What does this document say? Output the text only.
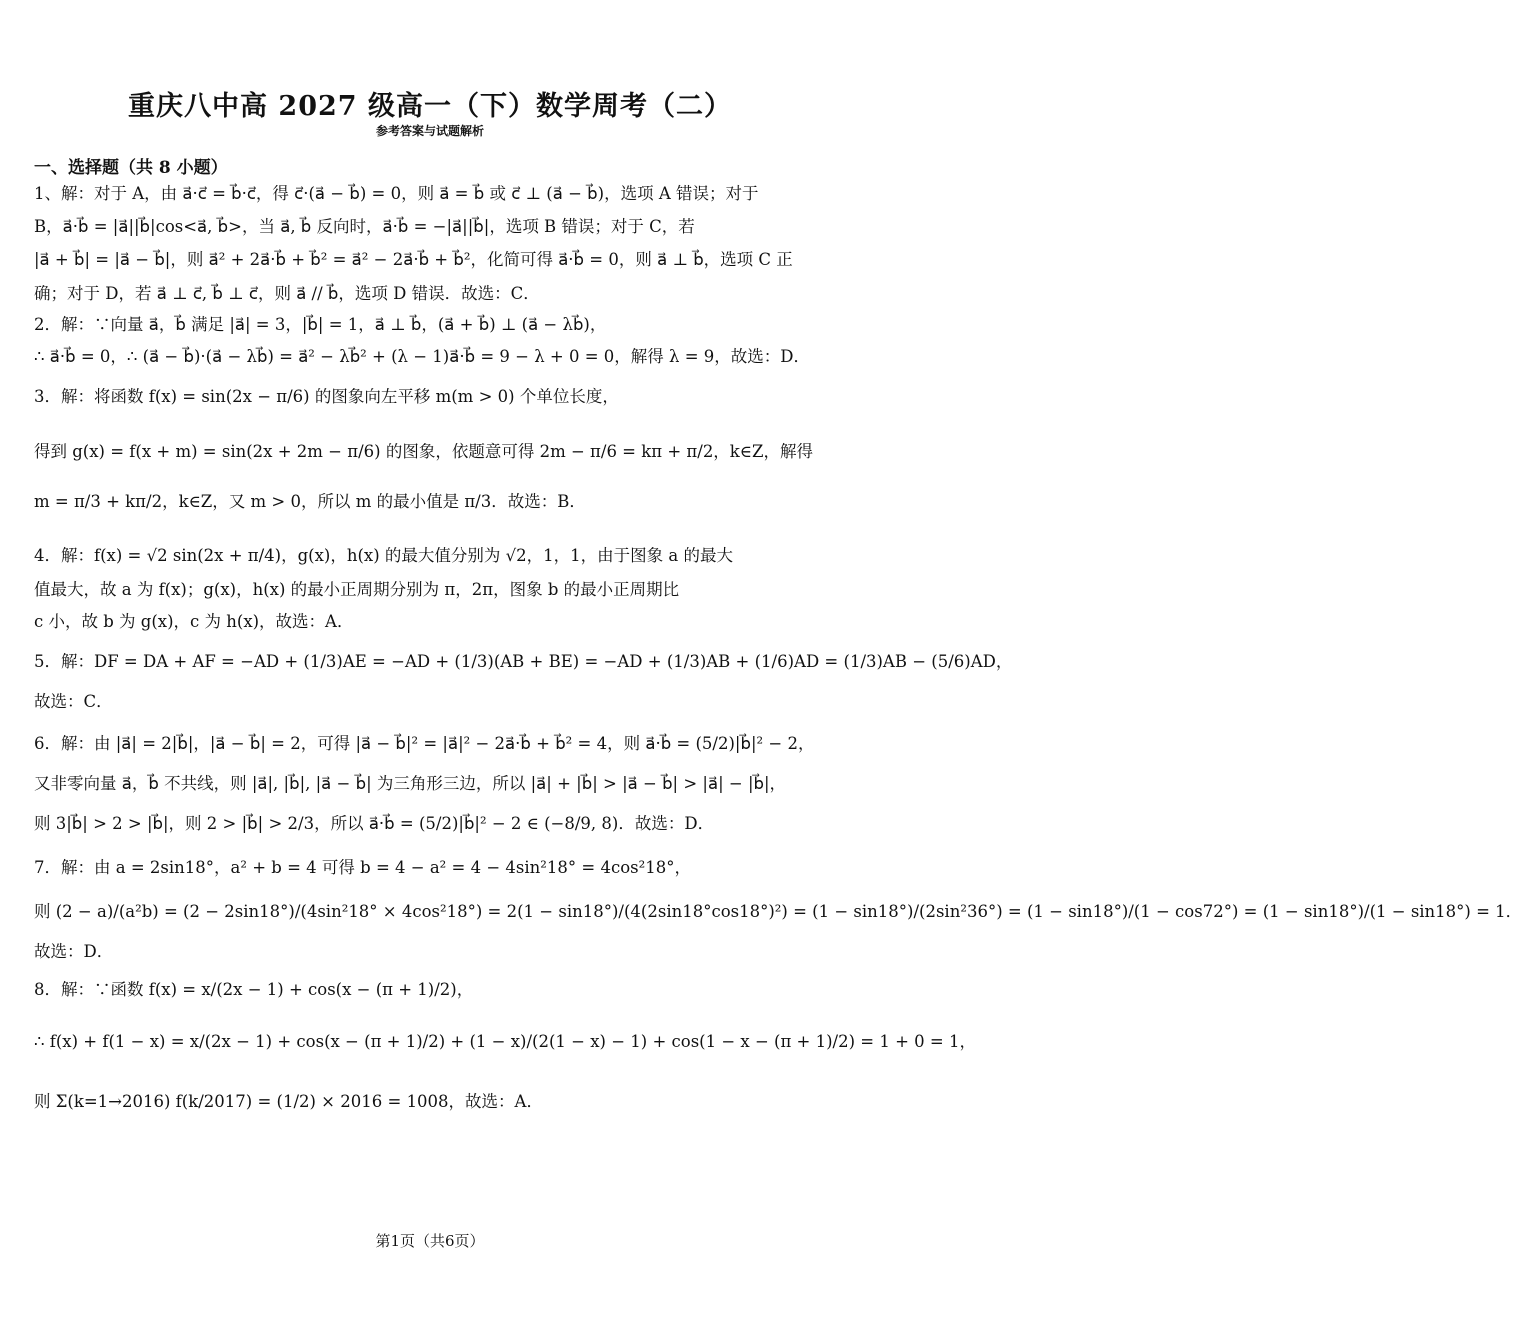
重庆八中高 2027 级高一（下）数学周考（二）
参考答案与试题解析
一、选择题（共 8 小题）
1、解：对于 A，由 a⃗·c⃗ = b⃗·c⃗，得 c⃗·(a⃗ − b⃗) = 0，则 a⃗ = b⃗ 或 c⃗ ⊥ (a⃗ − b⃗)，选项 A 错误；对于
B，a⃗·b⃗ = |a⃗||b⃗|cos<a⃗, b⃗>，当 a⃗, b⃗ 反向时，a⃗·b⃗ = −|a⃗||b⃗|，选项 B 错误；对于 C，若
|a⃗ + b⃗| = |a⃗ − b⃗|，则 a⃗² + 2a⃗·b⃗ + b⃗² = a⃗² − 2a⃗·b⃗ + b⃗²，化简可得 a⃗·b⃗ = 0，则 a⃗ ⊥ b⃗，选项 C 正
确；对于 D，若 a⃗ ⊥ c⃗, b⃗ ⊥ c⃗，则 a⃗ // b⃗，选项 D 错误．故选：C．
2．解：∵向量 a⃗，b⃗ 满足 |a⃗| = 3，|b⃗| = 1，a⃗ ⊥ b⃗，(a⃗ + b⃗) ⊥ (a⃗ − λb⃗)，
∴ a⃗·b⃗ = 0，∴ (a⃗ − b⃗)·(a⃗ − λb⃗) = a⃗² − λb⃗² + (λ − 1)a⃗·b⃗ = 9 − λ + 0 = 0，解得 λ = 9，故选：D．
3．解：将函数 f(x) = sin(2x − π/6) 的图象向左平移 m(m > 0) 个单位长度，
得到 g(x) = f(x + m) = sin(2x + 2m − π/6) 的图象，依题意可得 2m − π/6 = kπ + π/2，k∈Z，解得
m = π/3 + kπ/2，k∈Z，又 m > 0，所以 m 的最小值是 π/3．故选：B．
4．解：f(x) = √2 sin(2x + π/4)，g(x)，h(x) 的最大值分别为 √2，1，1，由于图象 a 的最大
值最大，故 a 为 f(x)；g(x)，h(x) 的最小正周期分别为 π，2π，图象 b 的最小正周期比
c 小，故 b 为 g(x)，c 为 h(x)，故选：A．
5．解：DF = DA + AF = −AD + (1/3)AE = −AD + (1/3)(AB + BE) = −AD + (1/3)AB + (1/6)AD = (1/3)AB − (5/6)AD，
故选：C．
6．解：由 |a⃗| = 2|b⃗|，|a⃗ − b⃗| = 2，可得 |a⃗ − b⃗|² = |a⃗|² − 2a⃗·b⃗ + b⃗² = 4，则 a⃗·b⃗ = (5/2)|b⃗|² − 2，
又非零向量 a⃗，b⃗ 不共线，则 |a⃗|, |b⃗|, |a⃗ − b⃗| 为三角形三边，所以 |a⃗| + |b⃗| > |a⃗ − b⃗| > |a⃗| − |b⃗|，
则 3|b⃗| > 2 > |b⃗|，则 2 > |b⃗| > 2/3，所以 a⃗·b⃗ = (5/2)|b⃗|² − 2 ∈ (−8/9, 8)．故选：D．
7．解：由 a = 2sin18°，a² + b = 4 可得 b = 4 − a² = 4 − 4sin²18° = 4cos²18°，
则 (2 − a)/(a²b) = (2 − 2sin18°)/(4sin²18° × 4cos²18°) = 2(1 − sin18°)/(4(2sin18°cos18°)²) = (1 − sin18°)/(2sin²36°) = (1 − sin18°)/(1 − cos72°) = (1 − sin18°)/(1 − sin18°) = 1．
故选：D．
8．解：∵函数 f(x) = x/(2x − 1) + cos(x − (π + 1)/2)，
∴ f(x) + f(1 − x) = x/(2x − 1) + cos(x − (π + 1)/2) + (1 − x)/(2(1 − x) − 1) + cos(1 − x − (π + 1)/2) = 1 + 0 = 1，
则 Σ(k=1→2016) f(k/2017) = (1/2) × 2016 = 1008，故选：A．
第1页（共6页）
